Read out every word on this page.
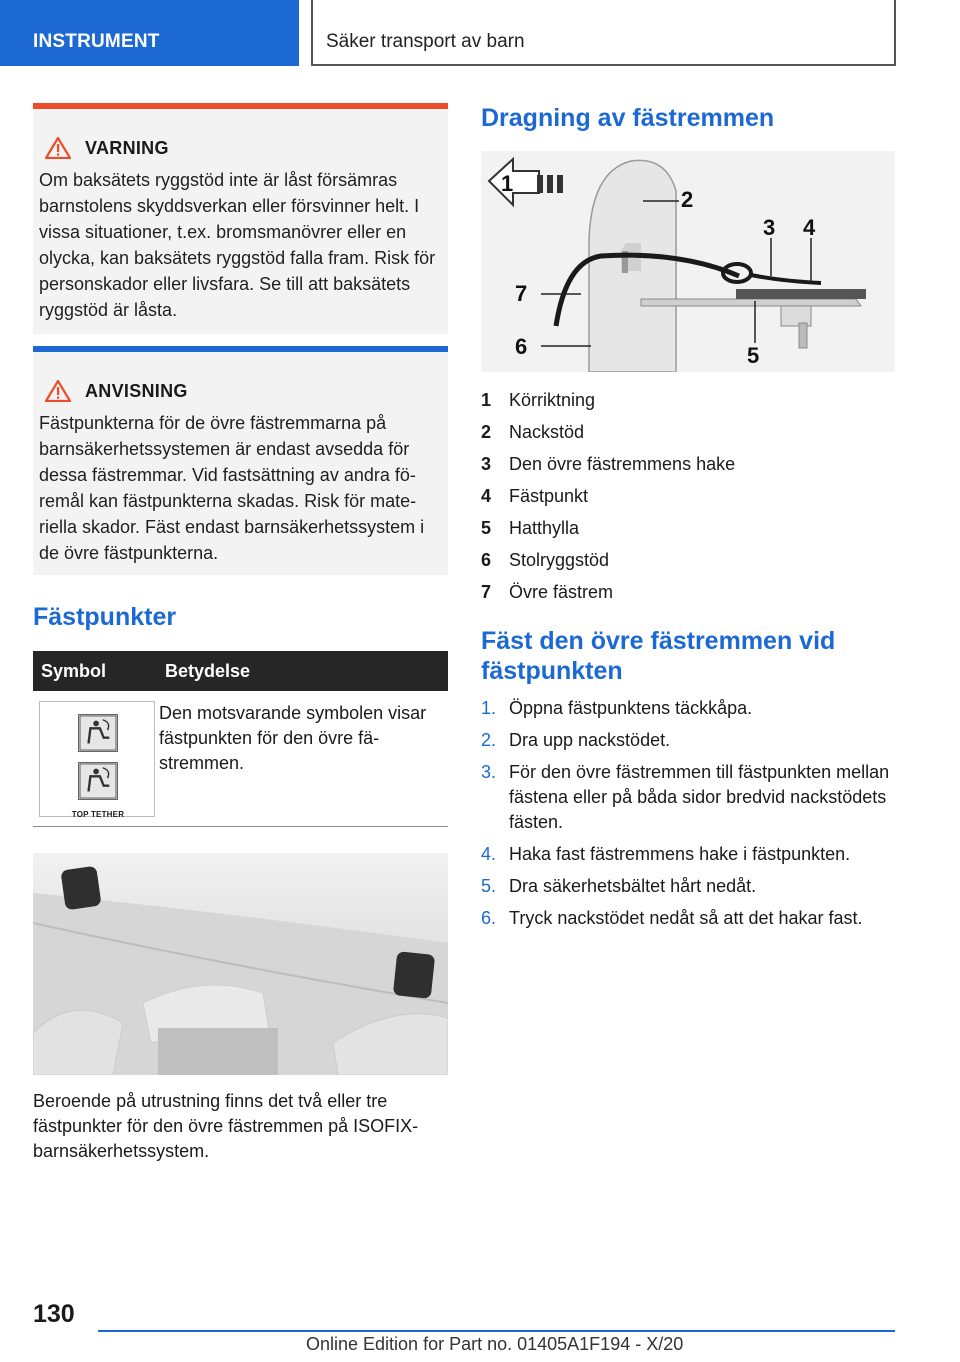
INSTRUMENT	Säker transport av barn
VARNING

Om baksätets ryggstöd inte är låst försämras barnstolens skyddsverkan eller försvinner helt. I vissa situationer, t.ex. bromsmanövrer eller en olycka, kan baksätets ryggstöd falla fram. Risk för personskador eller livsfara. Se till att baksätets ryggstöd är låsta.

ANVISNING

Fästpunkterna för de övre fästremmarna på barnsäkerhetssystemen är endast avsedda för dessa fästremmar. Vid fastsättning av andra föremål kan fästpunkterna skadas. Risk för materiella skador. Fäst endast barnsäkerhetssystem i de övre fästpunkterna.

Fästpunkter
Symbol	Betydelse

TOP TETHER	Den motsvarande symbolen visar fästpunkten för den övre fästremmen.

Beroende på utrustning finns det två eller tre fästpunkter för den övre fästremmen på ISOFIX-barnsäkerhetssystem.

Dragning av fästremmen
1
2
3 4
5
6
7
1 Körriktning
2 Nackstöd
3 Den övre fästremmens hake
4 Fästpunkt
5 Hatthylla
6 Stolryggstöd
7 Övre fästrem
Fäst den övre fästremmen vid fästpunkten
1. Öppna fästpunktens täckkåpa.
2. Dra upp nackstödet.
3. För den övre fästremmen till fästpunkten mellan fästena eller på båda sidor bredvid nackstödets fästen.
4. Haka fast fästremmens hake i fästpunkten.
5. Dra säkerhetsbältet hårt nedåt.
6. Tryck nackstödet nedåt så att det hakar fast.
130
Online Edition for Part no. 01405A1F194 - X/20
